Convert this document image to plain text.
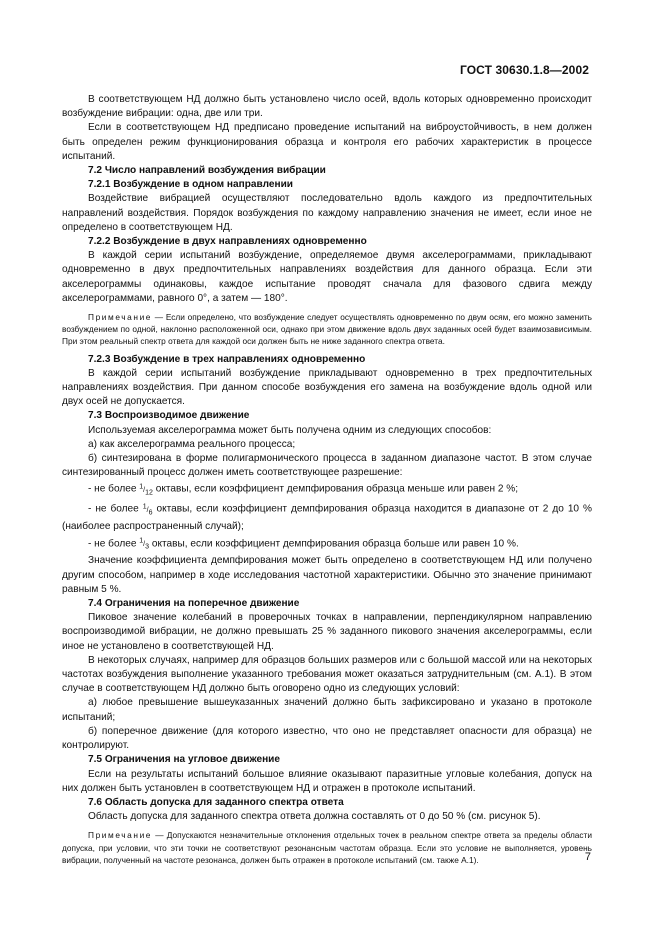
ГОСТ 30630.1.8—2002

В соответствующем НД должно быть установлено число осей, вдоль которых одновременно происходит возбуждение вибрации: одна, две или три.

Если в соответствующем НД предписано проведение испытаний на виброустойчивость, в нем должен быть определен режим функционирования образца и контроля его рабочих характеристик в процессе испытаний.

7.2 Число направлений возбуждения вибрации

7.2.1 Возбуждение в одном направлении

Воздействие вибрацией осуществляют последовательно вдоль каждого из предпочтительных направлений воздействия. Порядок возбуждения по каждому направлению значения не имеет, если иное не определено в соответствующем НД.

7.2.2 Возбуждение в двух направлениях одновременно

В каждой серии испытаний возбуждение, определяемое двумя акселерограммами, прикладывают одновременно в двух предпочтительных направлениях воздействия для данного образца. Если эти акселерограммы одинаковы, каждое испытание проводят сначала для фазового сдвига между акселерограммами, равного 0°, а затем — 180°.

Примечание — Если определено, что возбуждение следует осуществлять одновременно по двум осям, его можно заменить возбуждением по одной, наклонно расположенной оси, однако при этом движение вдоль двух заданных осей будет взаимозависимым. При этом реальный спектр ответа для каждой оси должен быть не ниже заданного спектра ответа.

7.2.3 Возбуждение в трех направлениях одновременно

В каждой серии испытаний возбуждение прикладывают одновременно в трех предпочтительных направлениях воздействия. При данном способе возбуждения его замена на возбуждение вдоль одной или двух осей не допускается.

7.3 Воспроизводимое движение

Используемая акселерограмма может быть получена одним из следующих способов:

а) как акселерограмма реального процесса;

б) синтезирована в форме полигармонического процесса в заданном диапазоне частот. В этом случае синтезированный процесс должен иметь соответствующее разрешение:

- не более $^1/_{12}$ октавы, если коэффициент демпфирования образца меньше или равен 2 %;

- не более $^1/_6$ октавы, если коэффициент демпфирования образца находится в диапазоне от 2 до 10 % (наиболее распространенный случай);

- не более $^1/_3$ октавы, если коэффициент демпфирования образца больше или равен 10 %.

Значение коэффициента демпфирования может быть определено в соответствующем НД или получено другим способом, например в ходе исследования частотной характеристики. Обычно это значение принимают равным 5 %.

7.4 Ограничения на поперечное движение

Пиковое значение колебаний в проверочных точках в направлении, перпендикулярном направлению воспроизводимой вибрации, не должно превышать 25 % заданного пикового значения акселерограммы, если иное не установлено в соответствующей НД.

В некоторых случаях, например для образцов больших размеров или с большой массой или на некоторых частотах возбуждения выполнение указанного требования может оказаться затруднительным (см. А.1). В этом случае в соответствующем НД должно быть оговорено одно из следующих условий:

а) любое превышение вышеуказанных значений должно быть зафиксировано и указано в протоколе испытаний;

б) поперечное движение (для которого известно, что оно не представляет опасности для образца) не контролируют.

7.5 Ограничения на угловое движение

Если на результаты испытаний большое влияние оказывают паразитные угловые колебания, допуск на них должен быть установлен в соответствующем НД и отражен в протоколе испытаний.

7.6 Область допуска для заданного спектра ответа

Область допуска для заданного спектра ответа должна составлять от 0 до 50 % (см. рисунок 5).

Примечание — Допускаются незначительные отклонения отдельных точек в реальном спектре ответа за пределы области допуска, при условии, что эти точки не соответствуют резонансным частотам образца. Если это условие не выполняется, уровень вибрации, полученный на частоте резонанса, должен быть отражен в протоколе испытаний (см. также А.1).	7
